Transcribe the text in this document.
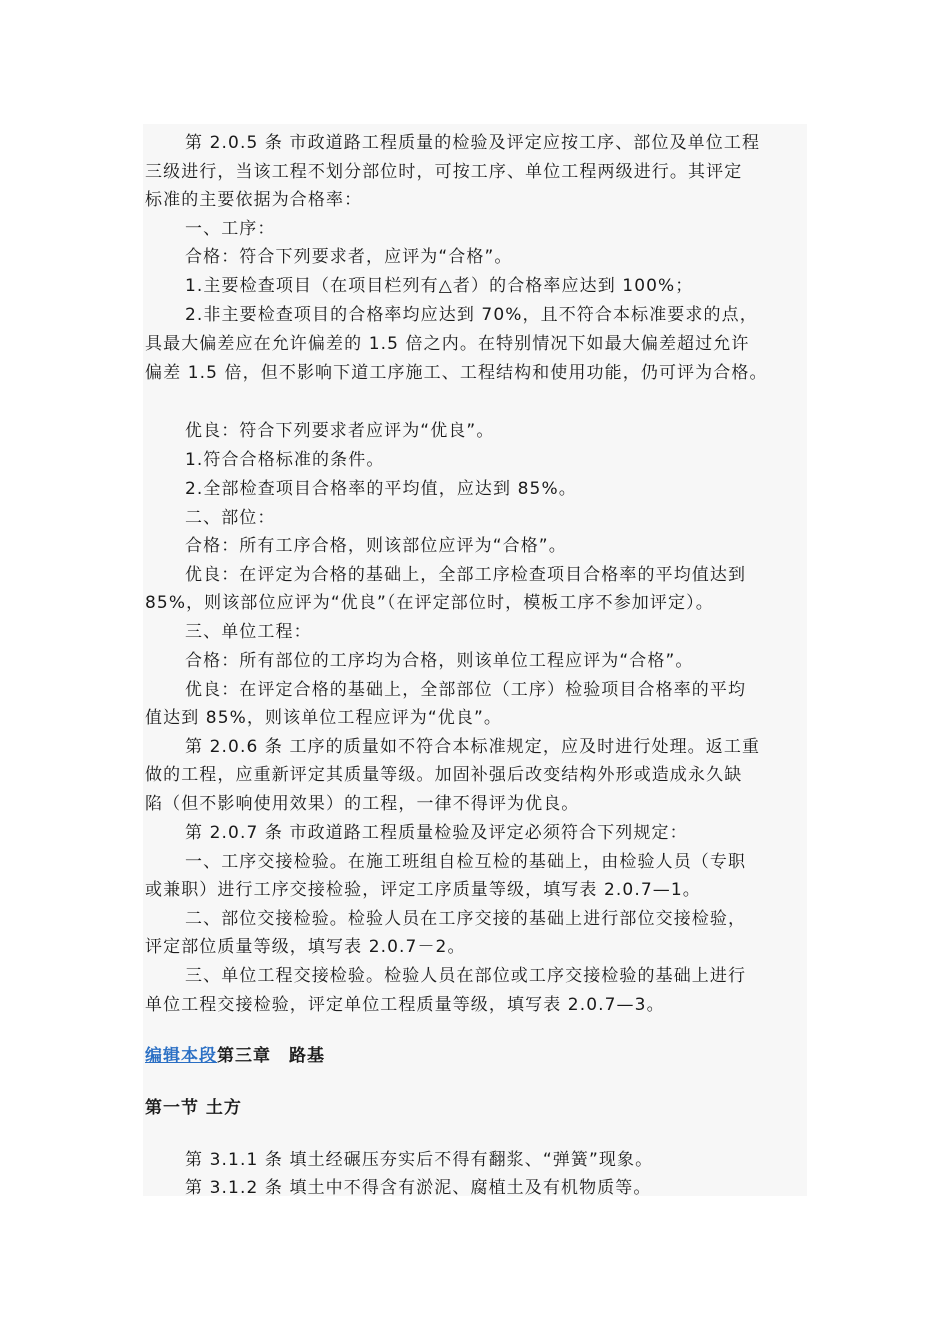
第 2.0.5 条 市政道路工程质量的检验及评定应按工序、部位及单位工程
三级进行，当该工程不划分部位时，可按工序、单位工程两级进行。其评定
标准的主要依据为合格率：
一、工序：
合格：符合下列要求者，应评为“合格”。
1.主要检查项目（在项目栏列有△者）的合格率应达到 100%；
2.非主要检查项目的合格率均应达到 70%，且不符合本标准要求的点，
具最大偏差应在允许偏差的 1.5 倍之内。在特别情况下如最大偏差超过允许
偏差 1.5 倍，但不影响下道工序施工、工程结构和使用功能，仍可评为合格。
优良：符合下列要求者应评为“优良”。
1.符合合格标准的条件。
2.全部检查项目合格率的平均值，应达到 85%。
二、部位：
合格：所有工序合格，则该部位应评为“合格”。
优良：在评定为合格的基础上，全部工序检查项目合格率的平均值达到
85%，则该部位应评为“优良”（在评定部位时，模板工序不参加评定）。
三、单位工程：
合格：所有部位的工序均为合格，则该单位工程应评为“合格”。
优良：在评定合格的基础上，全部部位（工序）检验项目合格率的平均
值达到 85%，则该单位工程应评为“优良”。
第 2.0.6 条 工序的质量如不符合本标准规定，应及时进行处理。返工重
做的工程，应重新评定其质量等级。加固补强后改变结构外形或造成永久缺
陷（但不影响使用效果）的工程，一律不得评为优良。
第 2.0.7 条 市政道路工程质量检验及评定必须符合下列规定：
一、工序交接检验。在施工班组自检互检的基础上，由检验人员（专职
或兼职）进行工序交接检验，评定工序质量等级，填写表 2.0.7—1。
二、部位交接检验。检验人员在工序交接的基础上进行部位交接检验，
评定部位质量等级，填写表 2.0.7－2。
三、单位工程交接检验。检验人员在部位或工序交接检验的基础上进行
单位工程交接检验，评定单位工程质量等级，填写表 2.0.7—3。
编辑本段第三章　路基
第一节 土方
第 3.1.1 条 填土经碾压夯实后不得有翻浆、“弹簧”现象。
第 3.1.2 条 填土中不得含有淤泥、腐植土及有机物质等。
